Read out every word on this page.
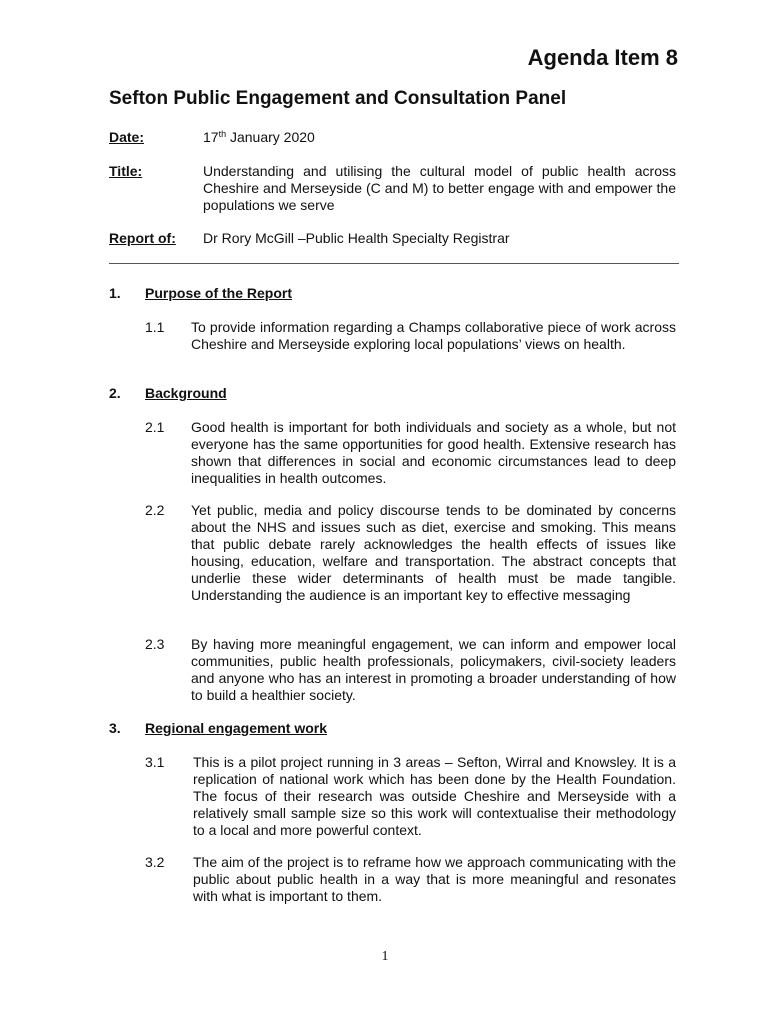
Agenda Item 8
Sefton Public Engagement and Consultation Panel
Date:	17th January 2020
Title:	Understanding and utilising the cultural model of public health across Cheshire and Merseyside (C and M) to better engage with and empower the populations we serve
Report of: Dr Rory McGill –Public Health Specialty Registrar
1. Purpose of the Report
1.1 To provide information regarding a Champs collaborative piece of work across Cheshire and Merseyside exploring local populations’ views on health.
2. Background
2.1 Good health is important for both individuals and society as a whole, but not everyone has the same opportunities for good health. Extensive research has shown that differences in social and economic circumstances lead to deep inequalities in health outcomes.
2.2 Yet public, media and policy discourse tends to be dominated by concerns about the NHS and issues such as diet, exercise and smoking. This means that public debate rarely acknowledges the health effects of issues like housing, education, welfare and transportation. The abstract concepts that underlie these wider determinants of health must be made tangible. Understanding the audience is an important key to effective messaging
2.3 By having more meaningful engagement, we can inform and empower local communities, public health professionals, policymakers, civil-society leaders and anyone who has an interest in promoting a broader understanding of how to build a healthier society.
3. Regional engagement work
3.1 This is a pilot project running in 3 areas – Sefton, Wirral and Knowsley. It is a replication of national work which has been done by the Health Foundation. The focus of their research was outside Cheshire and Merseyside with a relatively small sample size so this work will contextualise their methodology to a local and more powerful context.
3.2 The aim of the project is to reframe how we approach communicating with the public about public health in a way that is more meaningful and resonates with what is important to them.
1
